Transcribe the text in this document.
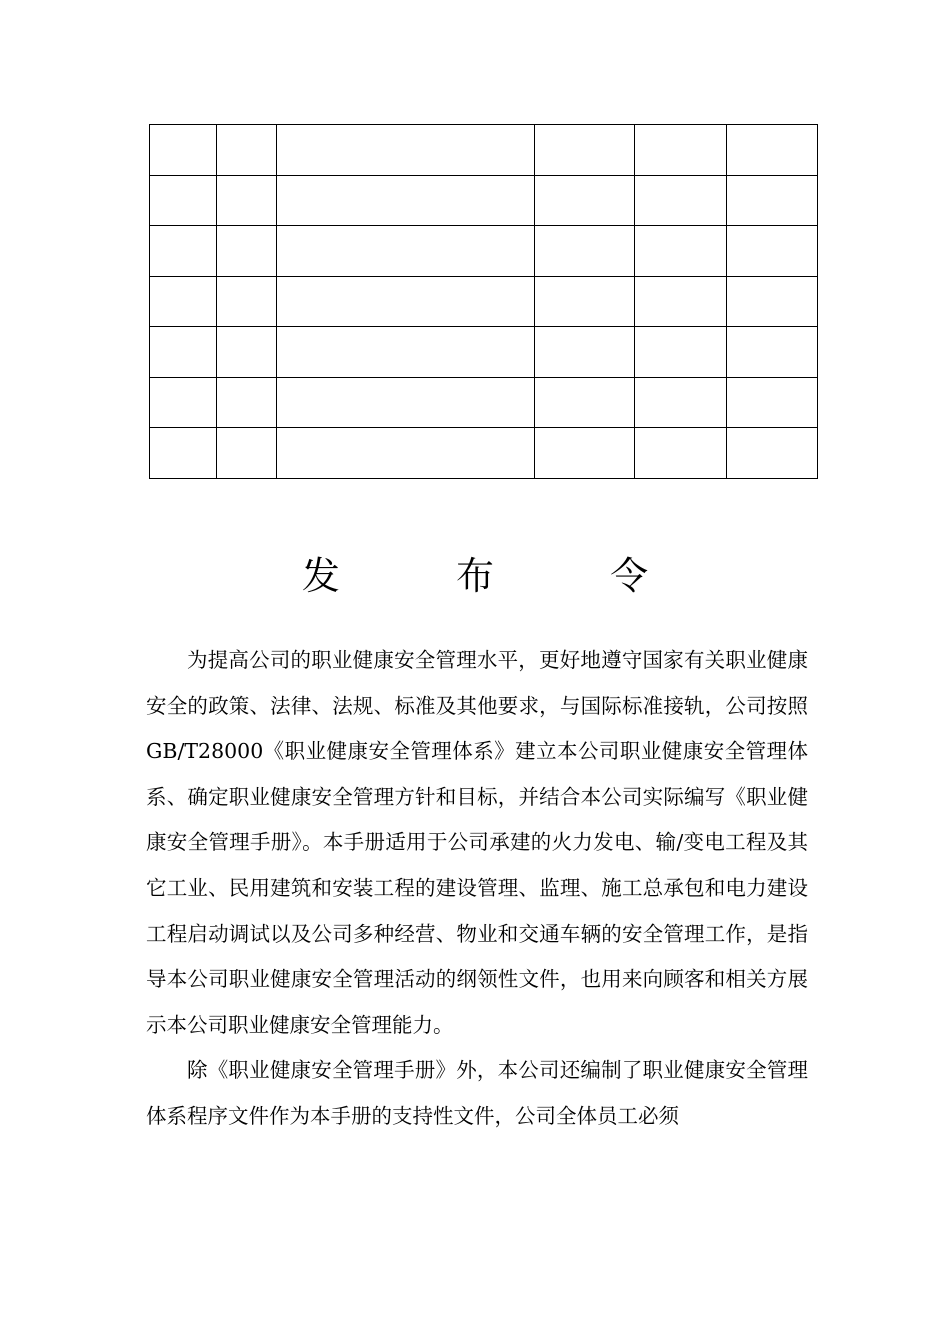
发 布 令

为提高公司的职业健康安全管理水平，更好地遵守国家有关职业健康安全的政策、法律、法规、标准及其他要求，与国际标准接轨，公司按照 GB/T28000《职业健康安全管理体系》建立本公司职业健康安全管理体系、确定职业健康安全管理方针和目标，并结合本公司实际编写《职业健康安全管理手册》。本手册适用于公司承建的火力发电、输/变电工程及其它工业、民用建筑和安装工程的建设管理、监理、施工总承包和电力建设工程启动调试以及公司多种经营、物业和交通车辆的安全管理工作，是指导本公司职业健康安全管理活动的纲领性文件，也用来向顾客和相关方展示本公司职业健康安全管理能力。

除《职业健康安全管理手册》外，本公司还编制了职业健康安全管理体系程序文件作为本手册的支持性文件，公司全体员工必须
